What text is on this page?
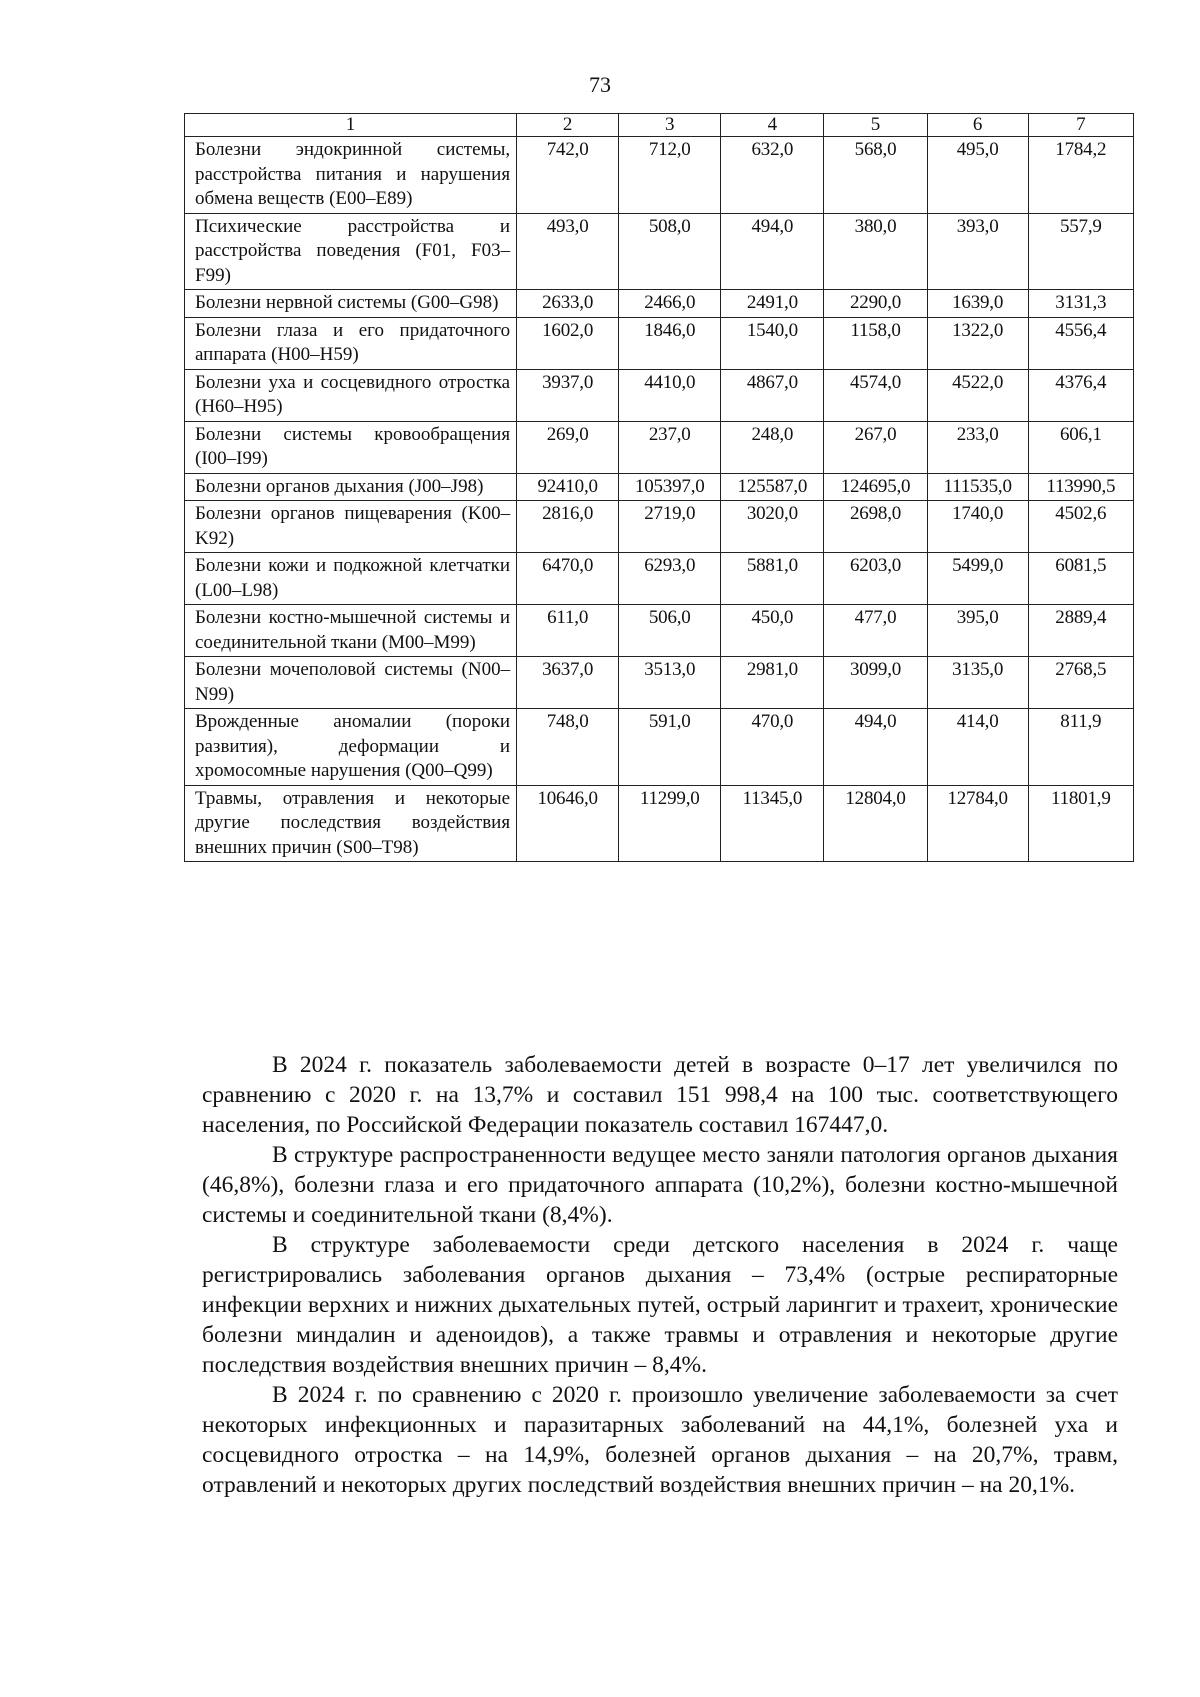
73
1	2	3	4	5	6	7
Болезни эндокринной системы, расстройства питания и нарушения обмена веществ (E00–E89)	742,0	712,0	632,0	568,0	495,0	1784,2
Психические расстройства и расстройства поведения (F01, F03–F99)	493,0	508,0	494,0	380,0	393,0	557,9
Болезни нервной системы (G00–G98)	2633,0	2466,0	2491,0	2290,0	1639,0	3131,3
Болезни глаза и его придаточного аппарата (H00–H59)	1602,0	1846,0	1540,0	1158,0	1322,0	4556,4
Болезни уха и сосцевидного отростка (H60–H95)	3937,0	4410,0	4867,0	4574,0	4522,0	4376,4
Болезни системы кровообращения (I00–I99)	269,0	237,0	248,0	267,0	233,0	606,1
Болезни органов дыхания (J00–J98)	92410,0	105397,0	125587,0	124695,0	111535,0	113990,5
Болезни органов пищеварения (K00–K92)	2816,0	2719,0	3020,0	2698,0	1740,0	4502,6
Болезни кожи и подкожной клетчатки (L00–L98)	6470,0	6293,0	5881,0	6203,0	5499,0	6081,5
Болезни костно-мышечной системы и соединительной ткани (M00–M99)	611,0	506,0	450,0	477,0	395,0	2889,4
Болезни мочеполовой системы (N00–N99)	3637,0	3513,0	2981,0	3099,0	3135,0	2768,5
Врожденные аномалии (пороки развития), деформации и хромосомные нарушения (Q00–Q99)	748,0	591,0	470,0	494,0	414,0	811,9
Травмы, отравления и некоторые другие последствия воздействия внешних причин (S00–T98)	10646,0	11299,0	11345,0	12804,0	12784,0	11801,9

В 2024 г. показатель заболеваемости детей в возрасте 0–17 лет увеличился по сравнению с 2020 г. на 13,7% и составил 151 998,4 на 100 тыс. соответствующего населения, по Российской Федерации показатель составил 167447,0.

В структуре распространенности ведущее место заняли патология органов дыхания (46,8%), болезни глаза и его придаточного аппарата (10,2%), болезни костно-мышечной системы и соединительной ткани (8,4%).

В структуре заболеваемости среди детского населения в 2024 г. чаще регистрировались заболевания органов дыхания – 73,4% (острые респираторные инфекции верхних и нижних дыхательных путей, острый ларингит и трахеит, хронические болезни миндалин и аденоидов), а также травмы и отравления и некоторые другие последствия воздействия внешних причин – 8,4%.

В 2024 г. по сравнению с 2020 г. произошло увеличение заболеваемости за счет некоторых инфекционных и паразитарных заболеваний на 44,1%, болезней уха и сосцевидного отростка – на 14,9%, болезней органов дыхания – на 20,7%, травм, отравлений и некоторых других последствий воздействия внешних причин – на 20,1%.
